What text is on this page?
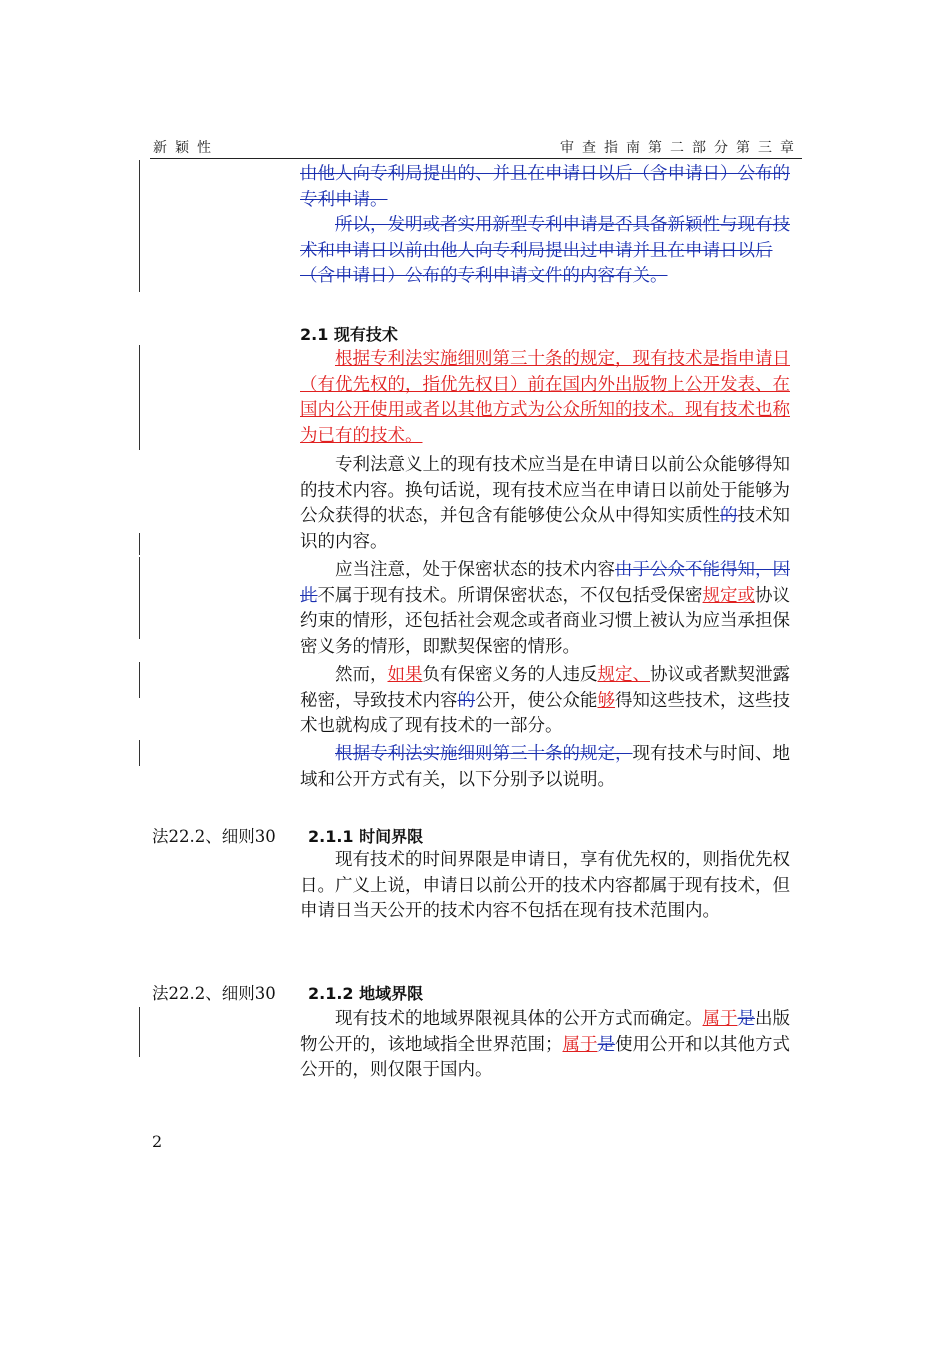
新颖性	审查指南第二部分第三章
由他人向专利局提出的、并且在申请日以后（含申请日）公布的专利申请。
所以，发明或者实用新型专利申请是否具备新颖性与现有技术和申请日以前由他人向专利局提出过申请并且在申请日以后（含申请日）公布的专利申请文件的内容有关。
2.1 现有技术
根据专利法实施细则第三十条的规定，现有技术是指申请日（有优先权的，指优先权日）前在国内外出版物上公开发表、在国内公开使用或者以其他方式为公众所知的技术。现有技术也称为已有的技术。
专利法意义上的现有技术应当是在申请日以前公众能够得知的技术内容。换句话说，现有技术应当在申请日以前处于能够为公众获得的状态，并包含有能够使公众从中得知实质性的技术知识的内容。
应当注意，处于保密状态的技术内容由于公众不能得知，因此不属于现有技术。所谓保密状态，不仅包括受保密规定或协议约束的情形，还包括社会观念或者商业习惯上被认为应当承担保密义务的情形，即默契保密的情形。
然而，如果负有保密义务的人违反规定、协议或者默契泄露秘密，导致技术内容的公开，使公众能够得知这些技术，这些技术也就构成了现有技术的一部分。
根据专利法实施细则第三十条的规定，现有技术与时间、地域和公开方式有关，以下分别予以说明。
法22.2、细则30 2.1.1 时间界限
现有技术的时间界限是申请日，享有优先权的，则指优先权日。广义上说，申请日以前公开的技术内容都属于现有技术，但申请日当天公开的技术内容不包括在现有技术范围内。
法22.2、细则30 2.1.2 地域界限
现有技术的地域界限视具体的公开方式而确定。属于是出版物公开的，该地域指全世界范围；属于是使用公开和以其他方式公开的，则仅限于国内。
2
